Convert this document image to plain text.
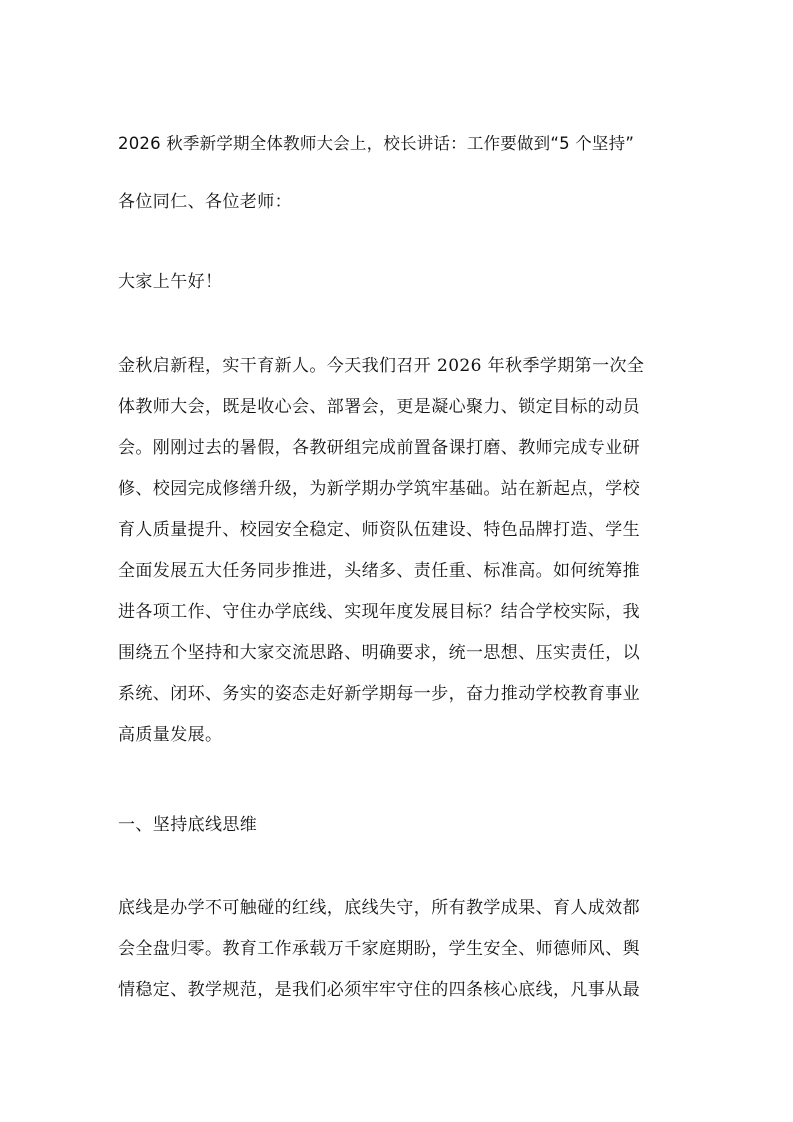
2026 秋季新学期全体教师大会上，校长讲话：工作要做到“5 个坚持”

各位同仁、各位老师：

大家上午好！

金秋启新程，实干育新人。今天我们召开 2026 年秋季学期第一次全

体教师大会，既是收心会、部署会，更是凝心聚力、锁定目标的动员

会。刚刚过去的暑假，各教研组完成前置备课打磨、教师完成专业研

修、校园完成修缮升级，为新学期办学筑牢基础。站在新起点，学校

育人质量提升、校园安全稳定、师资队伍建设、特色品牌打造、学生

全面发展五大任务同步推进，头绪多、责任重、标准高。如何统筹推

进各项工作、守住办学底线、实现年度发展目标？结合学校实际，我

围绕五个坚持和大家交流思路、明确要求，统一思想、压实责任，以

系统、闭环、务实的姿态走好新学期每一步，奋力推动学校教育事业

高质量发展。

一、坚持底线思维

底线是办学不可触碰的红线，底线失守，所有教学成果、育人成效都

会全盘归零。教育工作承载万千家庭期盼，学生安全、师德师风、舆

情稳定、教学规范，是我们必须牢牢守住的四条核心底线，凡事从最
